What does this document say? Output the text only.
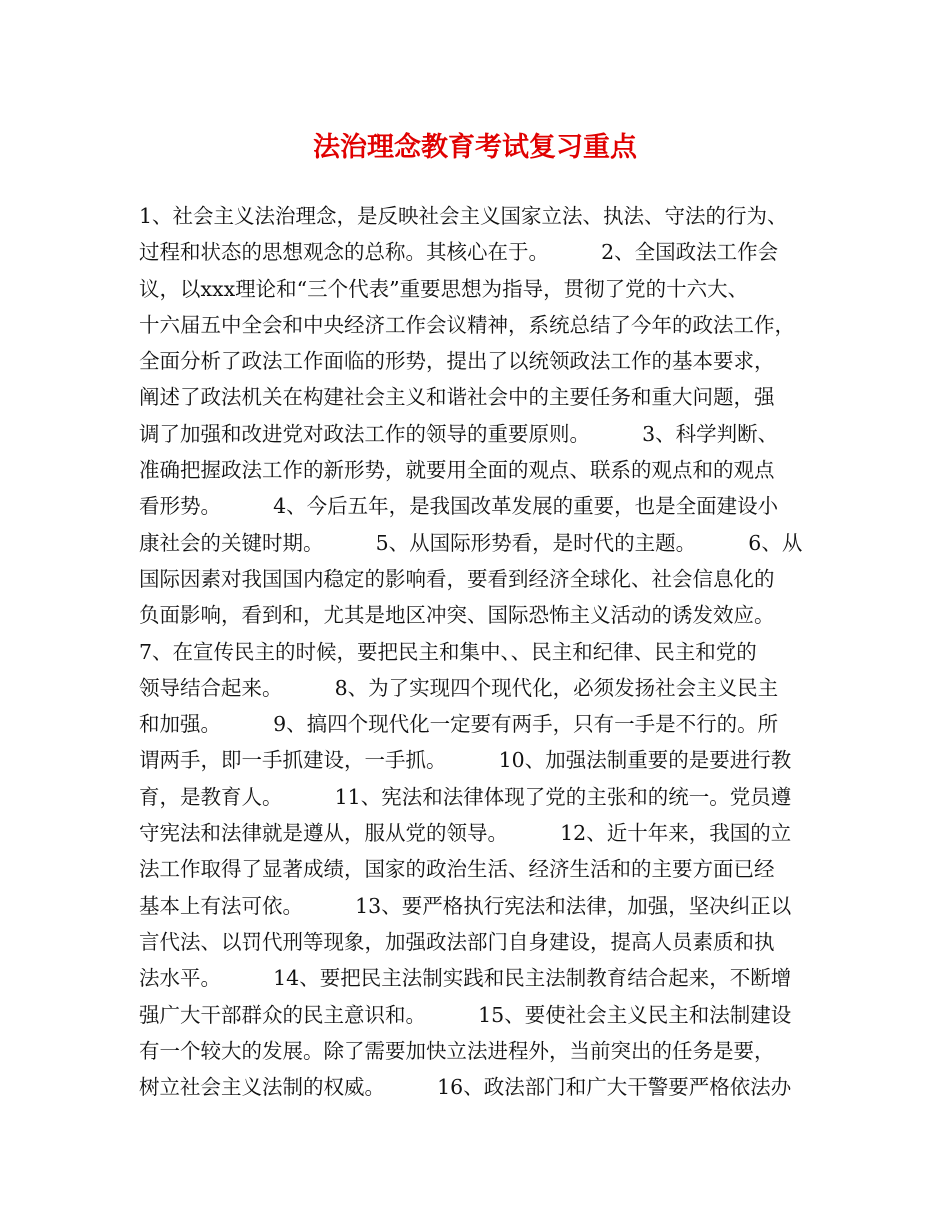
法治理念教育考试复习重点
1、社会主义法治理念，是反映社会主义国家立法、执法、守法的行为、
过程和状态的思想观念的总称。其核心在于。        2、全国政法工作会
议，以xxx理论和“三个代表”重要思想为指导，贯彻了党的十六大、
十六届五中全会和中央经济工作会议精神，系统总结了今年的政法工作，
全面分析了政法工作面临的形势，提出了以统领政法工作的基本要求，
阐述了政法机关在构建社会主义和谐社会中的主要任务和重大问题，强
调了加强和改进党对政法工作的领导的重要原则。        3、科学判断、
准确把握政法工作的新形势，就要用全面的观点、联系的观点和的观点
看形势。        4、今后五年，是我国改革发展的重要，也是全面建设小
康社会的关键时期。        5、从国际形势看，是时代的主题。        6、从
国际因素对我国国内稳定的影响看，要看到经济全球化、社会信息化的
负面影响，看到和，尤其是地区冲突、国际恐怖主义活动的诱发效应。
7、在宣传民主的时候，要把民主和集中、、民主和纪律、民主和党的
领导结合起来。        8、为了实现四个现代化，必须发扬社会主义民主
和加强。        9、搞四个现代化一定要有两手，只有一手是不行的。所
谓两手，即一手抓建设，一手抓。        10、加强法制重要的是要进行教
育，是教育人。        11、宪法和法律体现了党的主张和的统一。党员遵
守宪法和法律就是遵从，服从党的领导。        12、近十年来，我国的立
法工作取得了显著成绩，国家的政治生活、经济生活和的主要方面已经
基本上有法可依。        13、要严格执行宪法和法律，加强，坚决纠正以
言代法、以罚代刑等现象，加强政法部门自身建设，提高人员素质和执
法水平。        14、要把民主法制实践和民主法制教育结合起来，不断增
强广大干部群众的民主意识和。        15、要使社会主义民主和法制建设
有一个较大的发展。除了需要加快立法进程外，当前突出的任务是要，
树立社会主义法制的权威。        16、政法部门和广大干警要严格依法办
